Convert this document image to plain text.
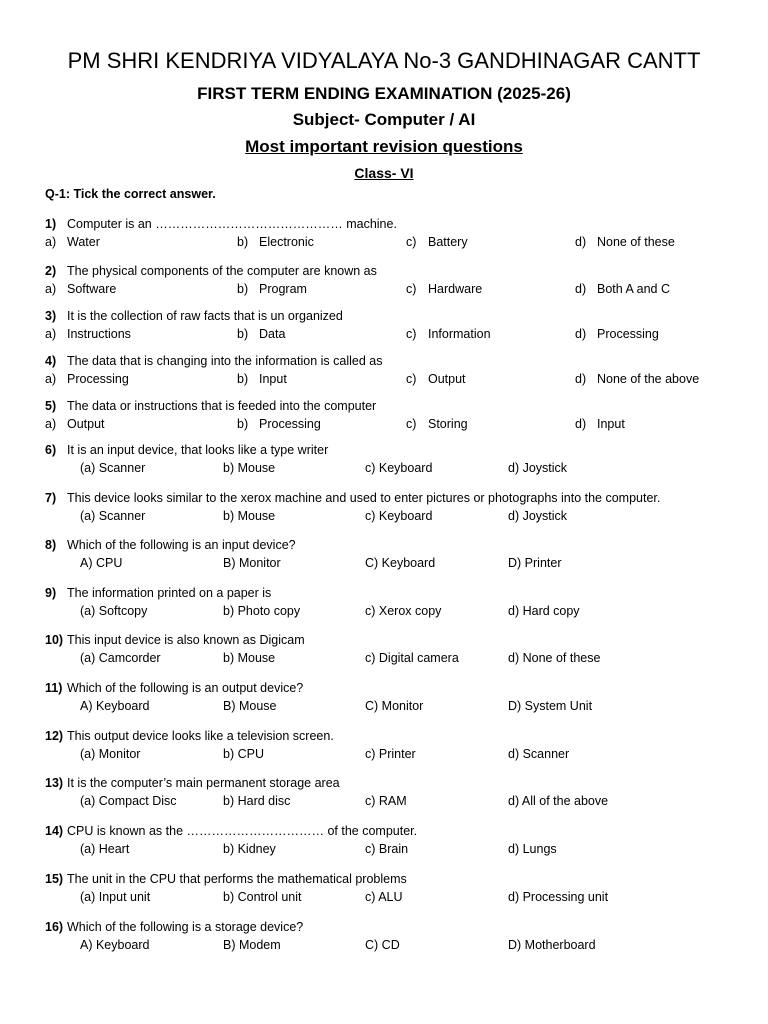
PM SHRI KENDRIYA VIDYALAYA No-3 GANDHINAGAR CANTT
FIRST TERM ENDING EXAMINATION (2025-26)
Subject- Computer / AI
Most important revision questions
Class- VI
Q-1: Tick the correct answer.
1) Computer is an ……………………………………… machine.
a) Water	b) Electronic	c) Battery	d) None of these
2) The physical components of the computer are known as
a) Software	b) Program	c) Hardware	d) Both A and C
3) It is the collection of raw facts that is un organized
a) Instructions	b) Data	c) Information	d) Processing
4) The data that is changing into the information is called as
a) Processing	b) Input	c) Output	d) None of the above
5) The data or instructions that is feeded into the computer
a) Output	b) Processing	c) Storing	d) Input
6) It is an input device, that looks like a type writer
(a) Scanner	b) Mouse	c) Keyboard	d) Joystick
7) This device looks similar to the xerox machine and used to enter pictures or photographs into the computer.
(a) Scanner	b) Mouse	c) Keyboard	d) Joystick
8) Which of the following is an input device?
A) CPU	B) Monitor	C) Keyboard	D) Printer
9) The information printed on a paper is
(a) Softcopy	b) Photo copy	c) Xerox copy	d) Hard copy
10) This input device is also known as Digicam
(a) Camcorder	b) Mouse	c) Digital camera	d) None of these
11) Which of the following is an output device?
A) Keyboard	B) Mouse	C) Monitor	D) System Unit
12) This output device looks like a television screen.
(a) Monitor	b) CPU	c) Printer	d) Scanner
13) It is the computer’s main permanent storage area
(a) Compact Disc	b) Hard disc	c) RAM	d) All of the above
14) CPU is known as the …………………………… of the computer.
(a) Heart	b) Kidney	c) Brain	d) Lungs
15) The unit in the CPU that performs the mathematical problems
(a) Input unit	b) Control unit	c) ALU	d) Processing unit
16) Which of the following is a storage device?
A) Keyboard	B) Modem	C) CD	D) Motherboard
